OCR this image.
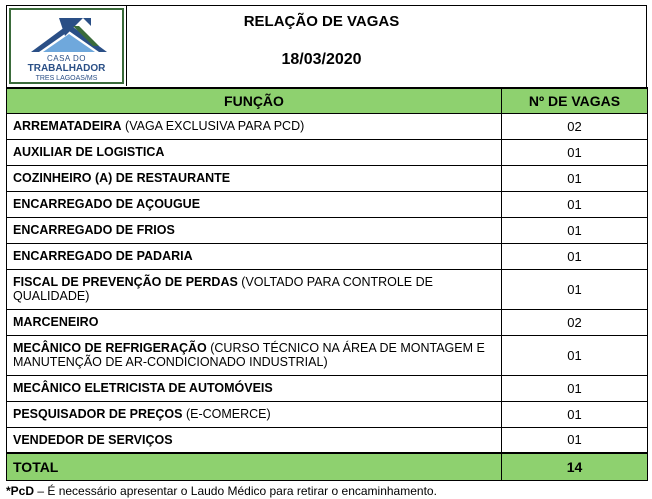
CASA DO
TRABALHADOR
TRES LAGOAS/MS
RELAÇÃO DE VAGAS
18/03/2020
FUNÇÃO	Nº DE VAGAS
ARREMATADEIRA (VAGA EXCLUSIVA PARA PCD)	02
AUXILIAR DE LOGISTICA	01
COZINHEIRO (A) DE RESTAURANTE	01
ENCARREGADO DE AÇOUGUE	01
ENCARREGADO DE FRIOS	01
ENCARREGADO DE PADARIA	01
FISCAL DE PREVENÇÃO DE PERDAS (VOLTADO PARA CONTROLE DE QUALIDADE)	01
MARCENEIRO	02
MECÂNICO DE REFRIGERAÇÃO (CURSO TÉCNICO NA ÁREA DE MONTAGEM E MANUTENÇÃO DE AR-CONDICIONADO INDUSTRIAL)	01
MECÂNICO ELETRICISTA DE AUTOMÓVEIS	01
PESQUISADOR DE PREÇOS (E-COMERCE)	01
VENDEDOR DE SERVIÇOS	01
TOTAL	14
*PcD – É necessário apresentar o Laudo Médico para retirar o encaminhamento.
